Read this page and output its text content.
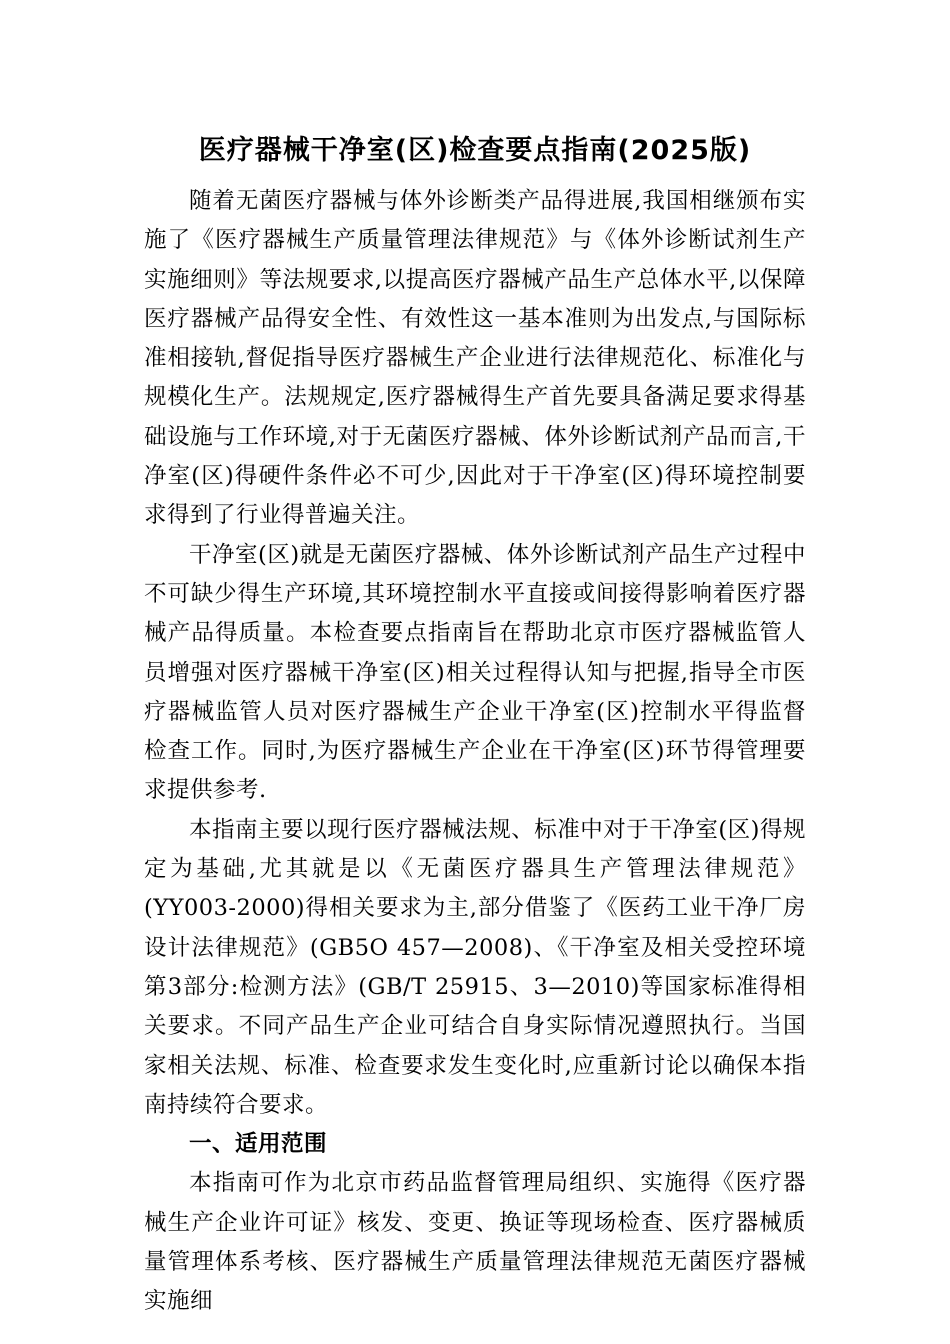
医疗器械干净室(区)检查要点指南(2025版)

随着无菌医疗器械与体外诊断类产品得进展,我国相继颁布实施了《医疗器械生产质量管理法律规范》与《体外诊断试剂生产实施细则》等法规要求,以提高医疗器械产品生产总体水平,以保障医疗器械产品得安全性、有效性这一基本准则为出发点,与国际标准相接轨,督促指导医疗器械生产企业进行法律规范化、标准化与规模化生产。法规规定,医疗器械得生产首先要具备满足要求得基础设施与工作环境,对于无菌医疗器械、体外诊断试剂产品而言,干净室(区)得硬件条件必不可少,因此对于干净室(区)得环境控制要求得到了行业得普遍关注。

干净室(区)就是无菌医疗器械、体外诊断试剂产品生产过程中不可缺少得生产环境,其环境控制水平直接或间接得影响着医疗器械产品得质量。本检查要点指南旨在帮助北京市医疗器械监管人员增强对医疗器械干净室(区)相关过程得认知与把握,指导全市医疗器械监管人员对医疗器械生产企业干净室(区)控制水平得监督检查工作。同时,为医疗器械生产企业在干净室(区)环节得管理要求提供参考.

本指南主要以现行医疗器械法规、标准中对于干净室(区)得规定为基础,尤其就是以《无菌医疗器具生产管理法律规范》(YY003-2000)得相关要求为主,部分借鉴了《医药工业干净厂房设计法律规范》(GB5O 457—2008)、《干净室及相关受控环境 第3部分:检测方法》(GB/T 25915、3—2010)等国家标准得相关要求。不同产品生产企业可结合自身实际情况遵照执行。当国家相关法规、标准、检查要求发生变化时,应重新讨论以确保本指南持续符合要求。

一、适用范围

本指南可作为北京市药品监督管理局组织、实施得《医疗器械生产企业许可证》核发、变更、换证等现场检查、医疗器械质量管理体系考核、医疗器械生产质量管理法律规范无菌医疗器械实施细
